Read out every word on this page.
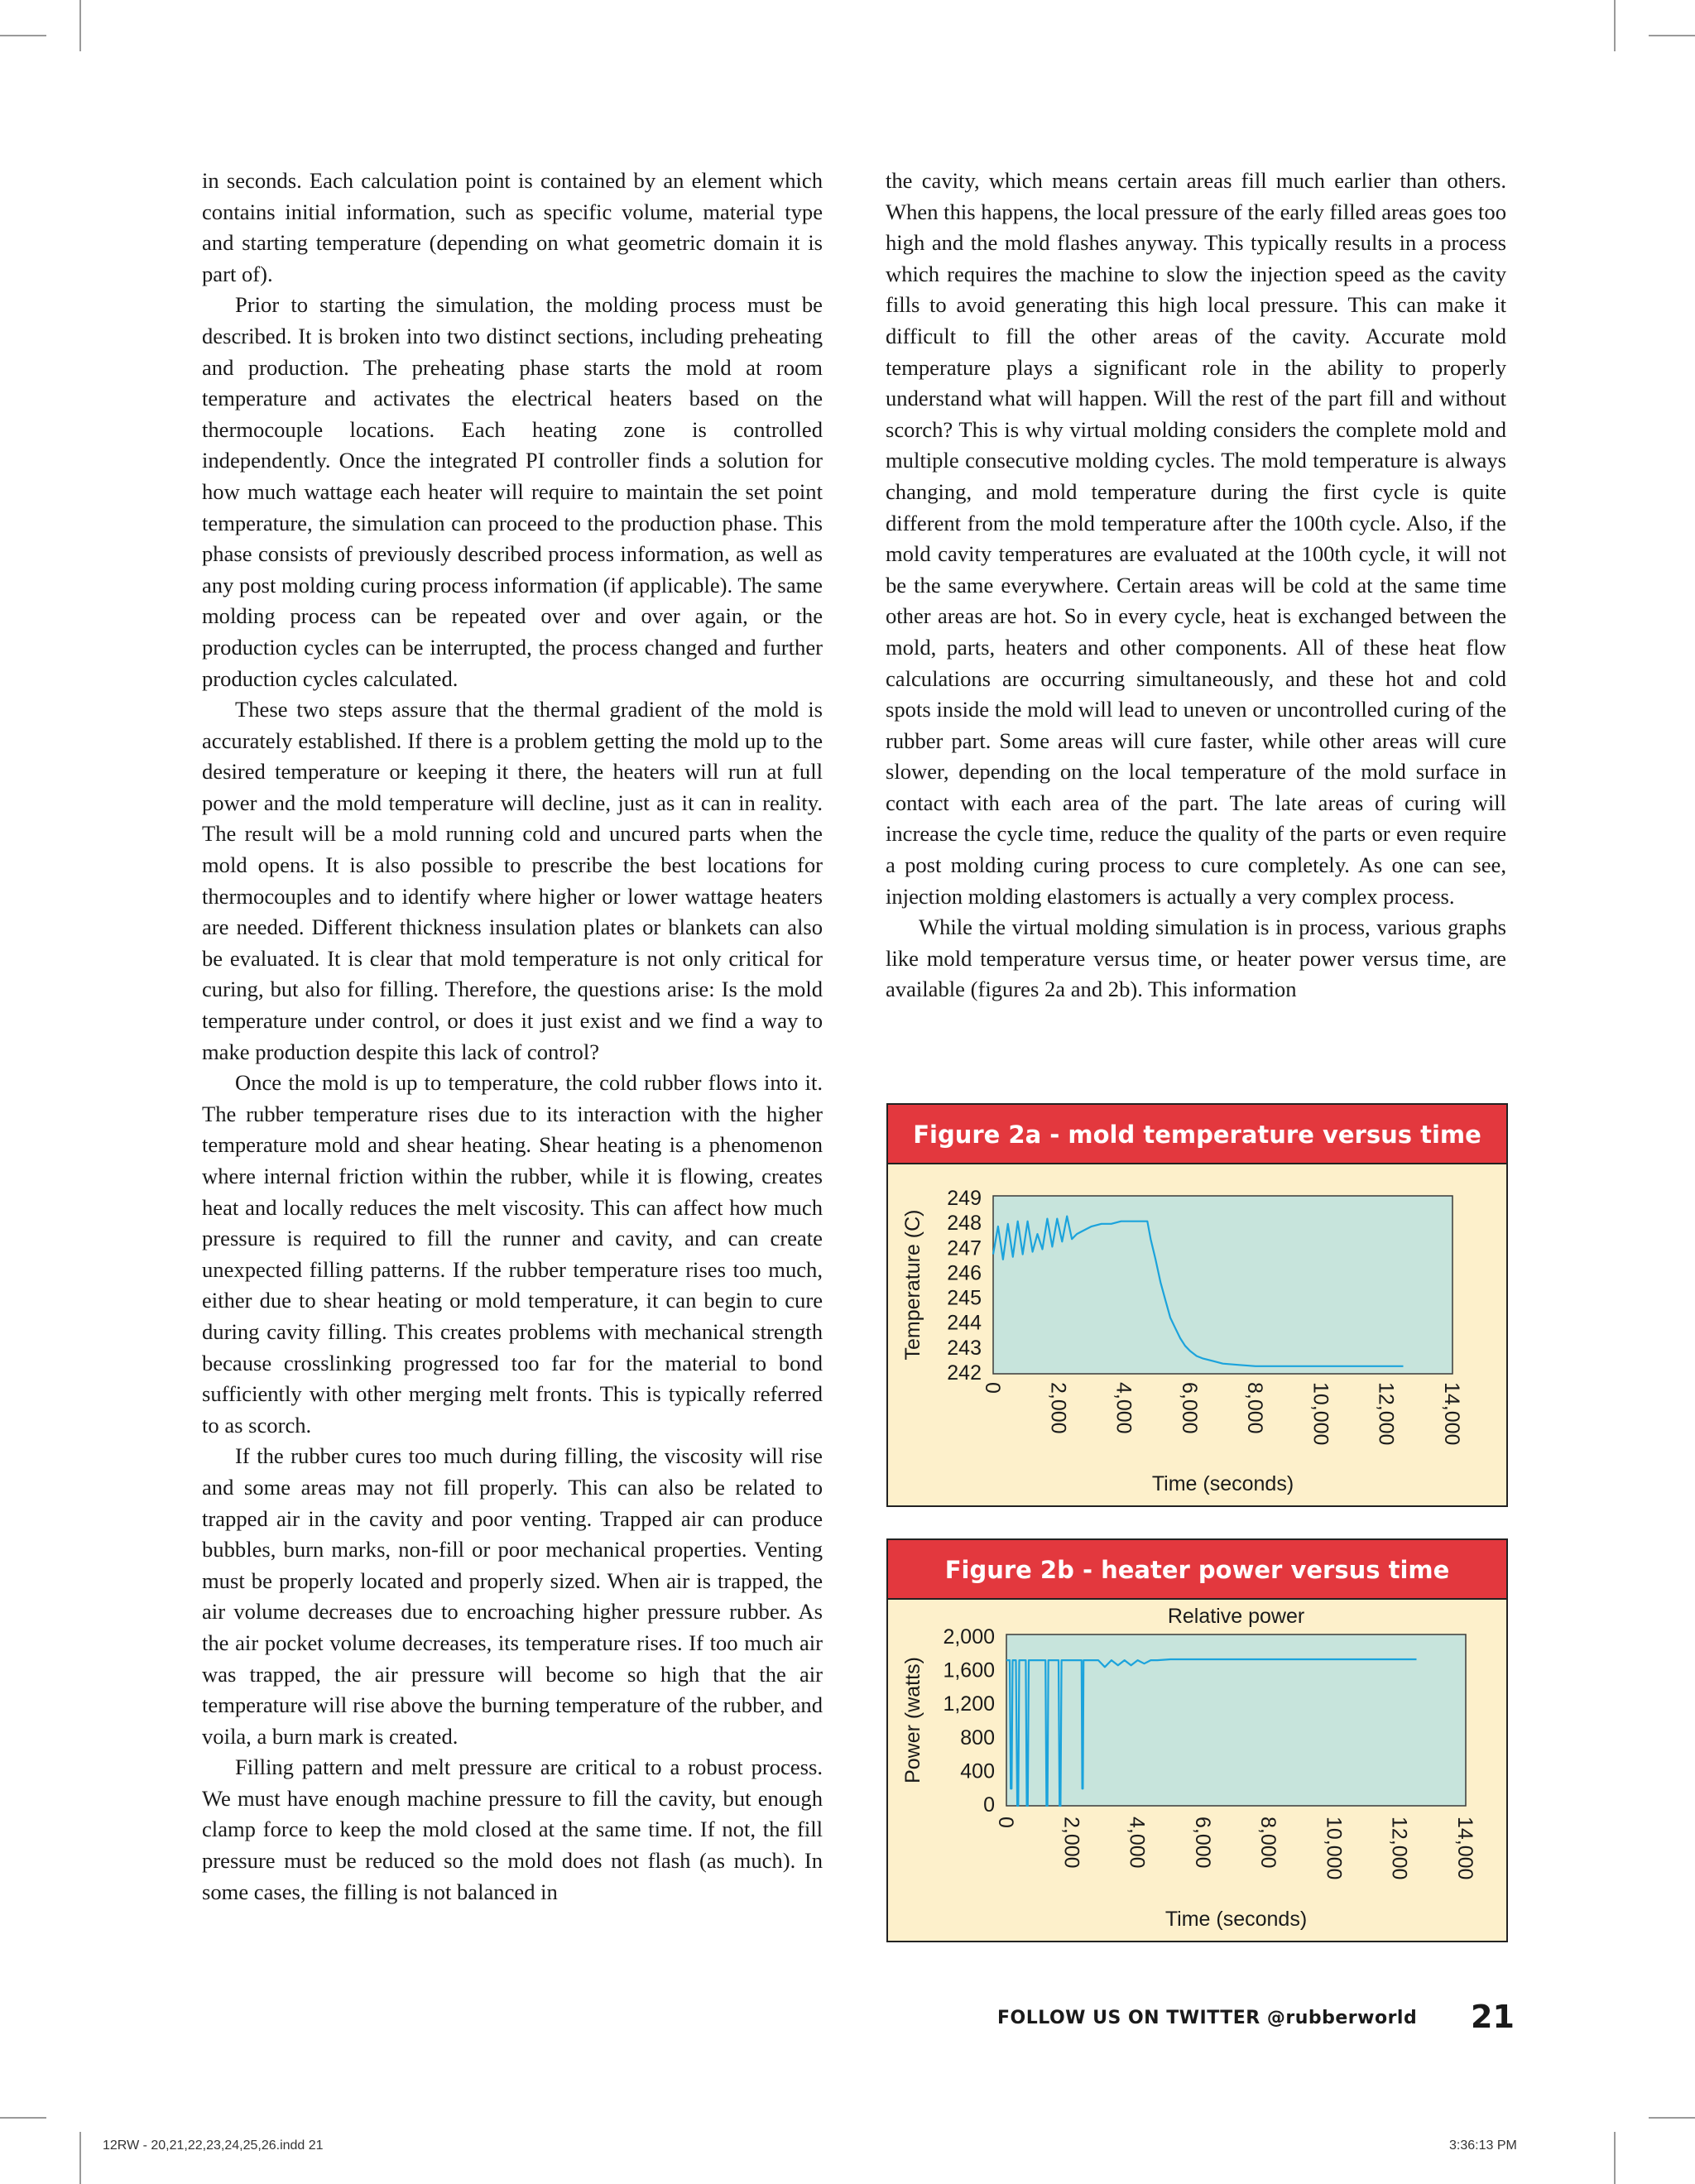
in seconds. Each calculation point is contained by an element which contains initial information, such as specific volume, material type and starting temperature (depending on what geometric domain it is part of).

Prior to starting the simulation, the molding process must be described. It is broken into two distinct sections, including preheating and production. The preheating phase starts the mold at room temperature and activates the electrical heaters based on the thermocouple locations. Each heating zone is controlled independently. Once the integrated PI controller finds a solution for how much wattage each heater will require to maintain the set point temperature, the simulation can proceed to the production phase. This phase consists of previously described process information, as well as any post molding curing process information (if applicable). The same molding process can be repeated over and over again, or the production cycles can be interrupted, the process changed and further production cycles calculated.

These two steps assure that the thermal gradient of the mold is accurately established. If there is a problem getting the mold up to the desired temperature or keeping it there, the heaters will run at full power and the mold temperature will decline, just as it can in reality. The result will be a mold running cold and uncured parts when the mold opens. It is also possible to prescribe the best locations for thermocouples and to identify where higher or lower wattage heaters are needed. Different thickness insulation plates or blankets can also be evaluated. It is clear that mold temperature is not only critical for curing, but also for filling. Therefore, the questions arise: Is the mold temperature under control, or does it just exist and we find a way to make production despite this lack of control?

Once the mold is up to temperature, the cold rubber flows into it. The rubber temperature rises due to its interaction with the higher temperature mold and shear heating. Shear heating is a phenomenon where internal friction within the rubber, while it is flowing, creates heat and locally reduces the melt viscosity. This can affect how much pressure is required to fill the runner and cavity, and can create unexpected filling patterns. If the rubber temperature rises too much, either due to shear heating or mold temperature, it can begin to cure during cavity filling. This creates problems with mechanical strength because crosslinking progressed too far for the material to bond sufficiently with other merging melt fronts. This is typically referred to as scorch.

If the rubber cures too much during filling, the viscosity will rise and some areas may not fill properly. This can also be related to trapped air in the cavity and poor venting. Trapped air can produce bubbles, burn marks, non-fill or poor mechanical properties. Venting must be properly located and properly sized. When air is trapped, the air volume decreases due to encroaching higher pressure rubber. As the air pocket volume decreases, its temperature rises. If too much air was trapped, the air pressure will become so high that the air temperature will rise above the burning temperature of the rubber, and voila, a burn mark is created.

Filling pattern and melt pressure are critical to a robust process. We must have enough machine pressure to fill the cavity, but enough clamp force to keep the mold closed at the same time. If not, the fill pressure must be reduced so the mold does not flash (as much). In some cases, the filling is not balanced in

the cavity, which means certain areas fill much earlier than others. When this happens, the local pressure of the early filled areas goes too high and the mold flashes anyway. This typically results in a process which requires the machine to slow the injection speed as the cavity fills to avoid generating this high local pressure. This can make it difficult to fill the other areas of the cavity. Accurate mold temperature plays a significant role in the ability to properly understand what will happen. Will the rest of the part fill and without scorch? This is why virtual molding considers the complete mold and multiple consecutive molding cycles. The mold temperature is always changing, and mold temperature during the first cycle is quite different from the mold temperature after the 100th cycle. Also, if the mold cavity temperatures are evaluated at the 100th cycle, it will not be the same everywhere. Certain areas will be cold at the same time other areas are hot. So in every cycle, heat is exchanged between the mold, parts, heaters and other components. All of these heat flow calculations are occurring simultaneously, and these hot and cold spots inside the mold will lead to uneven or uncontrolled curing of the rubber part. Some areas will cure faster, while other areas will cure slower, depending on the local temperature of the mold surface in contact with each area of the part. The late areas of curing will increase the cycle time, reduce the quality of the parts or even require a post molding curing process to cure completely. As one can see, injection molding elastomers is actually a very complex process.

While the virtual molding simulation is in process, various graphs like mold temperature versus time, or heater power versus time, are available (figures 2a and 2b). This information

Figure 2a - mold temperature versus time
249
248
247
246
245
244
243
242
0 2,000 4,000 6,000 8,000 10,000 12,000 14,000
Time (seconds)
Temperature (C)
Figure 2b - heater power versus time
Relative power
2,000
1,600
1,200
800
400
0
0 2,000 4,000 6,000 8,000 10,000 12,000 14,000
Time (seconds)
Power (watts)
FOLLOW US ON TWITTER @rubberworld 21
12RW - 20,21,22,23,24,25,26.indd 21	3:36:13 PM
